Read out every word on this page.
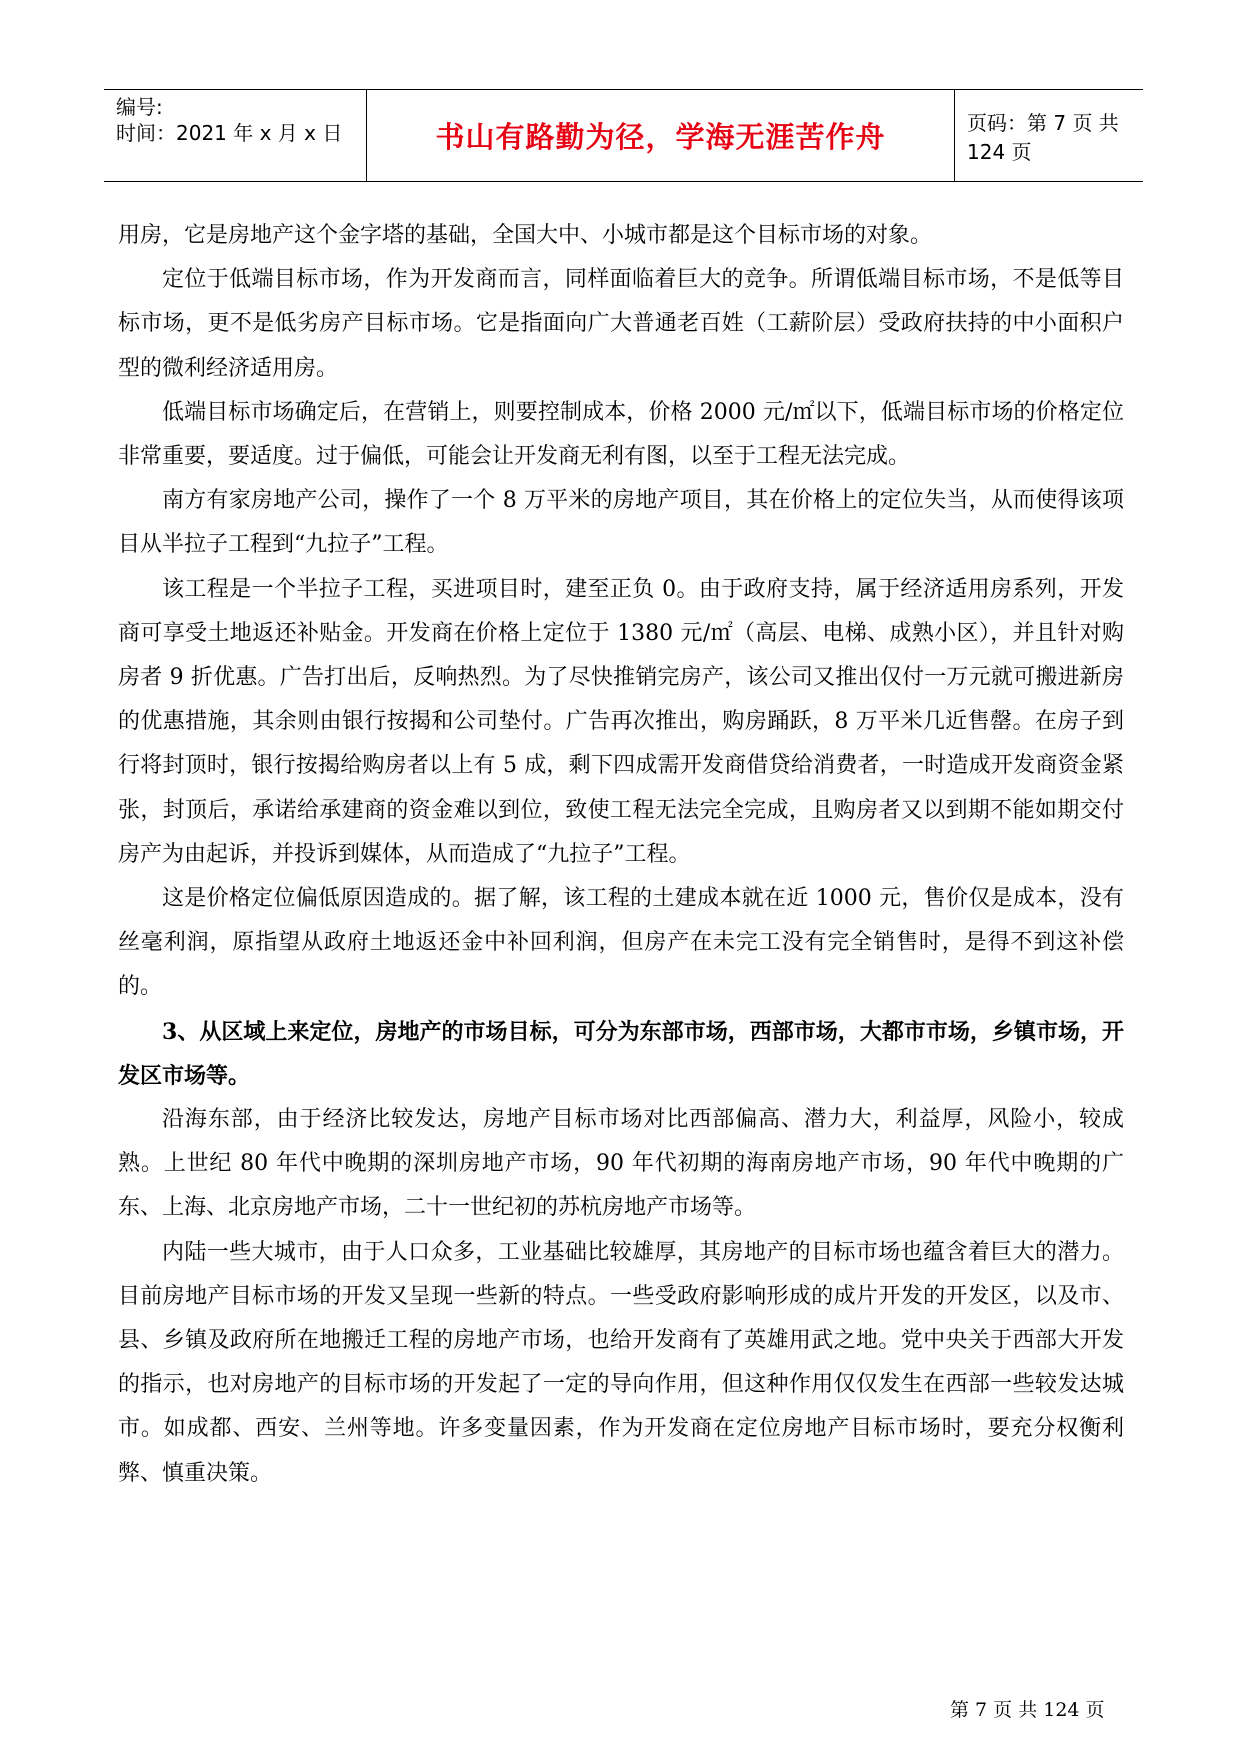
编号:
时间：2021 年 x 月 x 日	书山有路勤为径，学海无涯苦作舟	页码：第 7 页 共 124 页

用房，它是房地产这个金字塔的基础，全国大中、小城市都是这个目标市场的对象。

定位于低端目标市场，作为开发商而言，同样面临着巨大的竞争。所谓低端目标市场，不是低等目标市场，更不是低劣房产目标市场。它是指面向广大普通老百姓（工薪阶层）受政府扶持的中小面积户型的微利经济适用房。

低端目标市场确定后，在营销上，则要控制成本，价格 2000 元/㎡以下，低端目标市场的价格定位非常重要，要适度。过于偏低，可能会让开发商无利有图，以至于工程无法完成。

南方有家房地产公司，操作了一个 8 万平米的房地产项目，其在价格上的定位失当，从而使得该项目从半拉子工程到“九拉子”工程。

该工程是一个半拉子工程，买进项目时，建至正负 0。由于政府支持，属于经济适用房系列，开发商可享受土地返还补贴金。开发商在价格上定位于 1380 元/㎡（高层、电梯、成熟小区），并且针对购房者 9 折优惠。广告打出后，反响热烈。为了尽快推销完房产，该公司又推出仅付一万元就可搬进新房的优惠措施，其余则由银行按揭和公司垫付。广告再次推出，购房踊跃，8 万平米几近售罄。在房子到行将封顶时，银行按揭给购房者以上有 5 成，剩下四成需开发商借贷给消费者，一时造成开发商资金紧张，封顶后，承诺给承建商的资金难以到位，致使工程无法完全完成，且购房者又以到期不能如期交付房产为由起诉，并投诉到媒体，从而造成了“九拉子”工程。

这是价格定位偏低原因造成的。据了解，该工程的土建成本就在近 1000 元，售价仅是成本，没有丝毫利润，原指望从政府土地返还金中补回利润，但房产在未完工没有完全销售时，是得不到这补偿的。

3、从区域上来定位，房地产的市场目标，可分为东部市场，西部市场，大都市市场，乡镇市场，开发区市场等。

沿海东部，由于经济比较发达，房地产目标市场对比西部偏高、潜力大，利益厚，风险小，较成熟。上世纪 80 年代中晚期的深圳房地产市场，90 年代初期的海南房地产市场，90 年代中晚期的广东、上海、北京房地产市场，二十一世纪初的苏杭房地产市场等。

内陆一些大城市，由于人口众多，工业基础比较雄厚，其房地产的目标市场也蕴含着巨大的潜力。目前房地产目标市场的开发又呈现一些新的特点。一些受政府影响形成的成片开发的开发区，以及市、县、乡镇及政府所在地搬迁工程的房地产市场，也给开发商有了英雄用武之地。党中央关于西部大开发的指示，也对房地产的目标市场的开发起了一定的导向作用，但这种作用仅仅发生在西部一些较发达城市。如成都、西安、兰州等地。许多变量因素，作为开发商在定位房地产目标市场时，要充分权衡利弊、慎重决策。

第 7 页 共 124 页
